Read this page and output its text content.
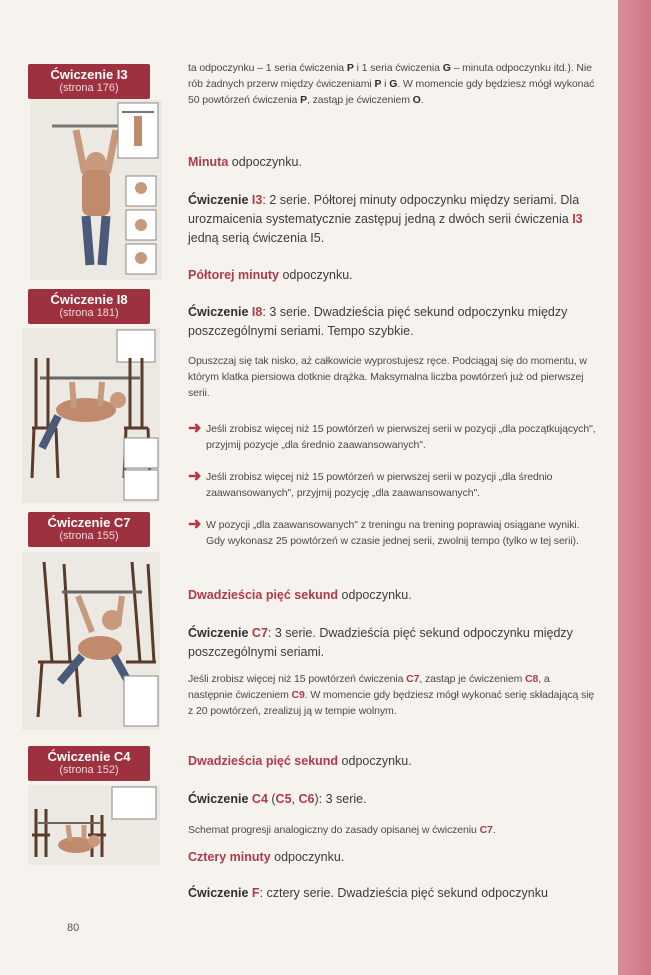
Ćwiczenie I3
(strona 176)
Ćwiczenie I8
(strona 181)
Ćwiczenie C7
(strona 155)
Ćwiczenie C4
(strona 152)

ta odpoczynku – 1 seria ćwiczenia P i 1 seria ćwiczenia G – minuta odpoczynku itd.). Nie rób żadnych przerw między ćwiczeniami P i G. W momencie gdy będziesz mógł wykonać 50 powtórzeń ćwiczenia P, zastąp je ćwiczeniem O.

Minuta odpoczynku.

Ćwiczenie I3: 2 serie. Półtorej minuty odpoczynku między seriami. Dla urozmaicenia systematycznie zastępuj jedną z dwóch serii ćwiczenia I3 jedną serią ćwiczenia I5.

Półtorej minuty odpoczynku.

Ćwiczenie I8: 3 serie. Dwadzieścia pięć sekund odpoczynku między poszczególnymi seriami. Tempo szybkie.

Opuszczaj się tak nisko, aż całkowicie wyprostujesz ręce. Podciągaj się do momentu, w którym klatka piersiowa dotknie drążka. Maksymalna liczba powtórzeń już od pierwszej serii.

➜ Jeśli zrobisz więcej niż 15 powtórzeń w pierwszej serii w pozycji „dla początkujących", przyjmij pozycje „dla średnio zaawansowanych".
➜ Jeśli zrobisz więcej niż 15 powtórzeń w pierwszej serii w pozycji „dla średnio zaawansowanych", przyjmij pozycję „dla zaawansowanych".
➜ W pozycji „dla zaawansowanych" z treningu na trening poprawiaj osiągane wyniki. Gdy wykonasz 25 powtórzeń w czasie jednej serii, zwolnij tempo (tylko w tej serii).

Dwadzieścia pięć sekund odpoczynku.

Ćwiczenie C7: 3 serie. Dwadzieścia pięć sekund odpoczynku między poszczególnymi seriami.

Jeśli zrobisz więcej niż 15 powtórzeń ćwiczenia C7, zastąp je ćwiczeniem C8, a następnie ćwiczeniem C9. W momencie gdy będziesz mógł wykonać serię składającą się z 20 powtórzeń, zrealizuj ją w tempie wolnym.

Dwadzieścia pięć sekund odpoczynku.

Ćwiczenie C4 (C5, C6): 3 serie.

Schemat progresji analogiczny do zasady opisanej w ćwiczeniu C7.

Cztery minuty odpoczynku.

Ćwiczenie F: cztery serie. Dwadzieścia pięć sekund odpoczynku

80
